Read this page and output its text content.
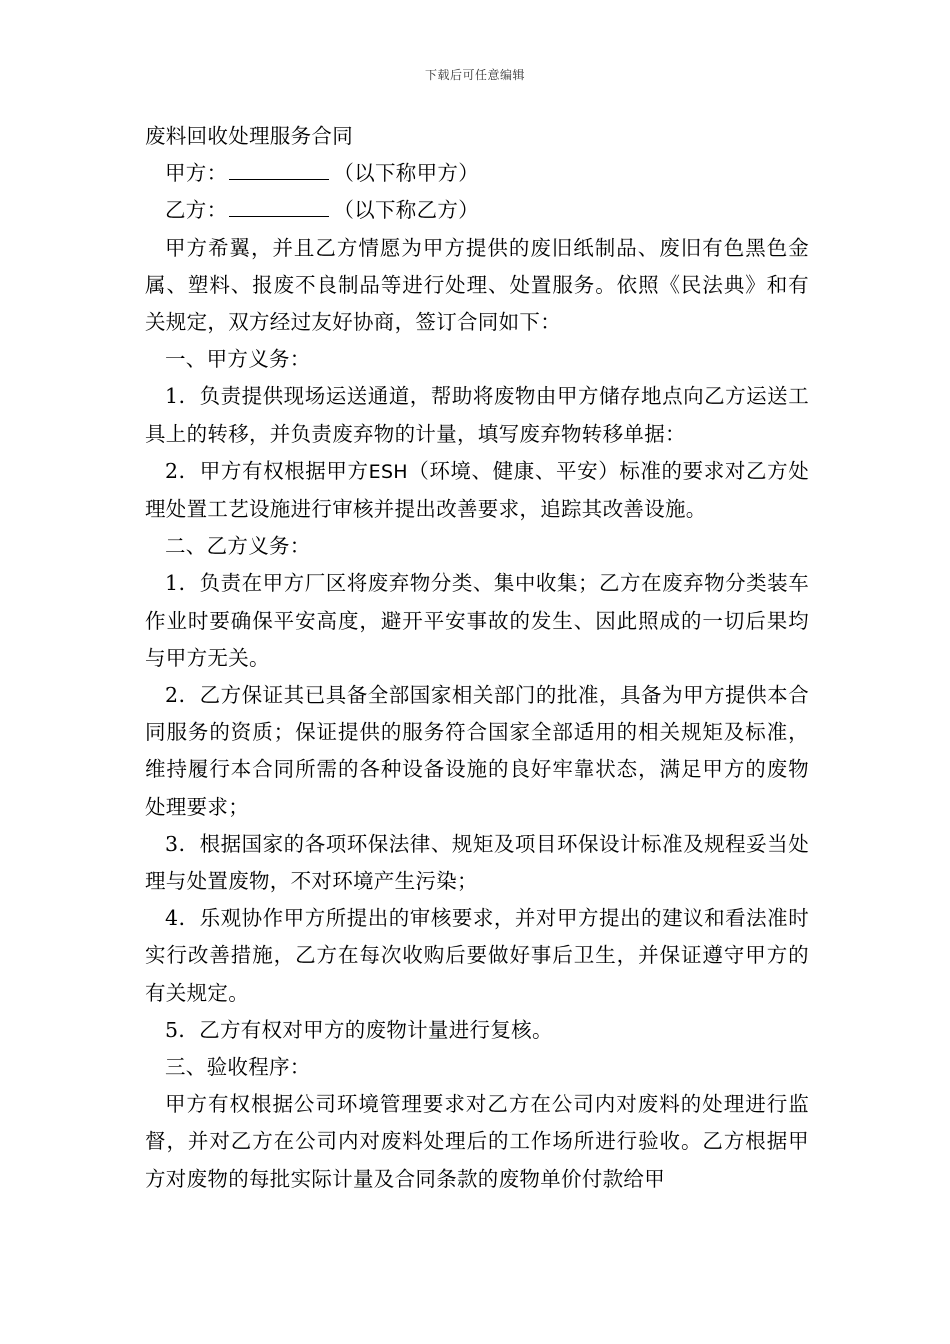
下载后可任意编辑

废料回收处理服务合同

甲方：	（以下称甲方）

乙方：	（以下称乙方）

甲方希翼，并且乙方情愿为甲方提供的废旧纸制品、废旧有色黑色金属、塑料、报废不良制品等进行处理、处置服务。依照《民法典》和有关规定，双方经过友好协商，签订合同如下：

一、甲方义务：

1．负责提供现场运送通道，帮助将废物由甲方储存地点向乙方运送工具上的转移，并负责废弃物的计量，填写废弃物转移单据：

2．甲方有权根据甲方ESH（环境、健康、平安）标准的要求对乙方处理处置工艺设施进行审核并提出改善要求，追踪其改善设施。

二、乙方义务：

1．负责在甲方厂区将废弃物分类、集中收集；乙方在废弃物分类装车作业时要确保平安高度，避开平安事故的发生、因此照成的一切后果均与甲方无关。

2．乙方保证其已具备全部国家相关部门的批准，具备为甲方提供本合同服务的资质；保证提供的服务符合国家全部适用的相关规矩及标准，维持履行本合同所需的各种设备设施的良好牢靠状态，满足甲方的废物处理要求；

3．根据国家的各项环保法律、规矩及项目环保设计标准及规程妥当处理与处置废物，不对环境产生污染；

4．乐观协作甲方所提出的审核要求，并对甲方提出的建议和看法准时实行改善措施，乙方在每次收购后要做好事后卫生，并保证遵守甲方的有关规定。

5．乙方有权对甲方的废物计量进行复核。

三、验收程序：

甲方有权根据公司环境管理要求对乙方在公司内对废料的处理进行监督，并对乙方在公司内对废料处理后的工作场所进行验收。乙方根据甲方对废物的每批实际计量及合同条款的废物单价付款给甲
